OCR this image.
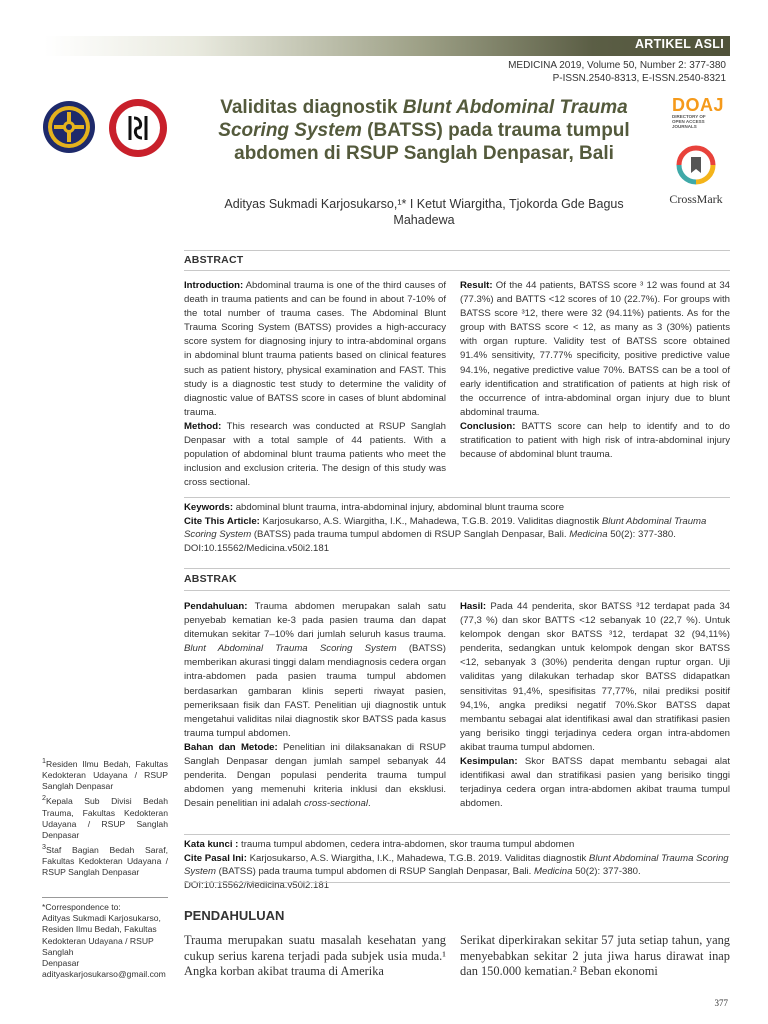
ARTIKEL ASLI
MEDICINA 2019, Volume 50, Number 2: 377-380
P-ISSN.2540-8313, E-ISSN.2540-8321
Validitas diagnostik Blunt Abdominal Trauma Scoring System (BATSS) pada trauma tumpul abdomen di RSUP Sanglah Denpasar, Bali
DOAJ
DIRECTORY OF
OPEN ACCESS
JOURNALS
CrossMark
Adityas Sukmadi Karjosukarso,¹* I Ketut Wiargitha, Tjokorda Gde Bagus
Mahadewa
ABSTRACT

Introduction: Abdominal trauma is one of the third causes of death in trauma patients and can be found in about 7-10% of the total number of trauma cases. The Abdominal Blunt Trauma Scoring System (BATSS) provides a high-accuracy score system for diagnosing injury to intra-abdominal organs in abdominal blunt trauma patients based on clinical features such as patient history, physical examination and FAST. This study is a diagnostic test study to determine the validity of diagnostic value of BATSS score in cases of blunt abdominal trauma.

Method: This research was conducted at RSUP Sanglah Denpasar with a total sample of 44 patients. With a population of abdominal blunt trauma patients who meet the inclusion and exclusion criteria. The design of this study was cross sectional.

Result: Of the 44 patients, BATSS score ³ 12 was found at 34 (77.3%) and BATTS <12 scores of 10 (22.7%). For groups with BATSS score ³12, there were 32 (94.11%) patients. As for the group with BATSS score < 12, as many as 3 (30%) patients with organ rupture. Validity test of BATSS score obtained 91.4% sensitivity, 77.77% specificity, positive predictive value 94.1%, negative predictive value 70%. BATSS can be a tool of early identification and stratification of patients at high risk of the occurrence of intra-abdominal organ injury due to blunt abdominal trauma.

Conclusion: BATTS score can help to identify and to do stratification to patient with high risk of intra-abdominal injury because of abdominal blunt trauma.

Keywords: abdominal blunt trauma, intra-abdominal injury, abdominal blunt trauma score
Cite This Article: Karjosukarso, A.S. Wiargitha, I.K., Mahadewa, T.G.B. 2019. Validitas diagnostik Blunt Abdominal Trauma Scoring System (BATSS) pada trauma tumpul abdomen di RSUP Sanglah Denpasar, Bali. Medicina 50(2): 377-380. DOI:10.15562/Medicina.v50i2.181
ABSTRAK

Pendahuluan: Trauma abdomen merupakan salah satu penyebab kematian ke-3 pada pasien trauma dan dapat ditemukan sekitar 7–10% dari jumlah seluruh kasus trauma. Blunt Abdominal Trauma Scoring System (BATSS) memberikan akurasi tinggi dalam mendiagnosis cedera organ intra-abdomen pada pasien trauma tumpul abdomen berdasarkan gambaran klinis seperti riwayat pasien, pemeriksaan fisik dan FAST. Penelitian uji diagnostik untuk mengetahui validitas nilai diagnostik skor BATSS pada kasus trauma tumpul abdomen.

Bahan dan Metode: Penelitian ini dilaksanakan di RSUP Sanglah Denpasar dengan jumlah sampel sebanyak 44 penderita. Dengan populasi penderita trauma tumpul abdomen yang memenuhi kriteria inklusi dan eksklusi. Desain penelitian ini adalah cross-sectional.

Hasil: Pada 44 penderita, skor BATSS ³12 terdapat pada 34 (77,3 %) dan skor BATTS <12 sebanyak 10 (22,7 %). Untuk kelompok dengan skor BATSS ³12, terdapat 32 (94,11%) penderita, sedangkan untuk kelompok dengan skor BATSS <12, sebanyak 3 (30%) penderita dengan ruptur organ. Uji validitas yang dilakukan terhadap skor BATSS didapatkan sensitivitas 91,4%, spesifisitas 77,77%, nilai prediksi positif 94,1%, angka prediksi negatif 70%.Skor BATSS dapat membantu sebagai alat identifikasi awal dan stratifikasi pasien yang berisiko tinggi terjadinya cedera organ intra-abdomen akibat trauma tumpul abdomen.

Kesimpulan: Skor BATSS dapat membantu sebagai alat identifikasi awal dan stratifikasi pasien yang berisiko tinggi terjadinya cedera organ intra-abdomen akibat trauma tumpul abdomen.

Kata kunci : trauma tumpul abdomen, cedera intra-abdomen, skor trauma tumpul abdomen
Cite Pasal Ini: Karjosukarso, A.S. Wiargitha, I.K., Mahadewa, T.G.B. 2019. Validitas diagnostik Blunt Abdominal Trauma Scoring System (BATSS) pada trauma tumpul abdomen di RSUP Sanglah Denpasar, Bali. Medicina 50(2): 377-380. DOI:10.15562/Medicina.v50i2.181
$^1$Residen Ilmu Bedah, Fakultas Kedokteran Udayana / RSUP Sanglah Denpasar
$^2$Kepala Sub Divisi Bedah Trauma, Fakultas Kedokteran Udayana / RSUP Sanglah Denpasar
$^3$Staf Bagian Bedah Saraf, Fakultas Kedokteran Udayana / RSUP Sanglah Denpasar
*Correspondence to:
Adityas Sukmadi Karjosukarso,
Residen Ilmu Bedah, Fakultas
Kedokteran Udayana / RSUP Sanglah
Denpasar
adityaskarjosukarso@gmail.com
PENDAHULUAN
Trauma merupakan suatu masalah kesehatan yang cukup serius karena terjadi pada subjek usia muda.¹ Angka korban akibat trauma di Amerika
Serikat diperkirakan sekitar 57 juta setiap tahun, yang menyebabkan sekitar 2 juta jiwa harus dirawat inap dan 150.000 kematian.² Beban ekonomi
377
